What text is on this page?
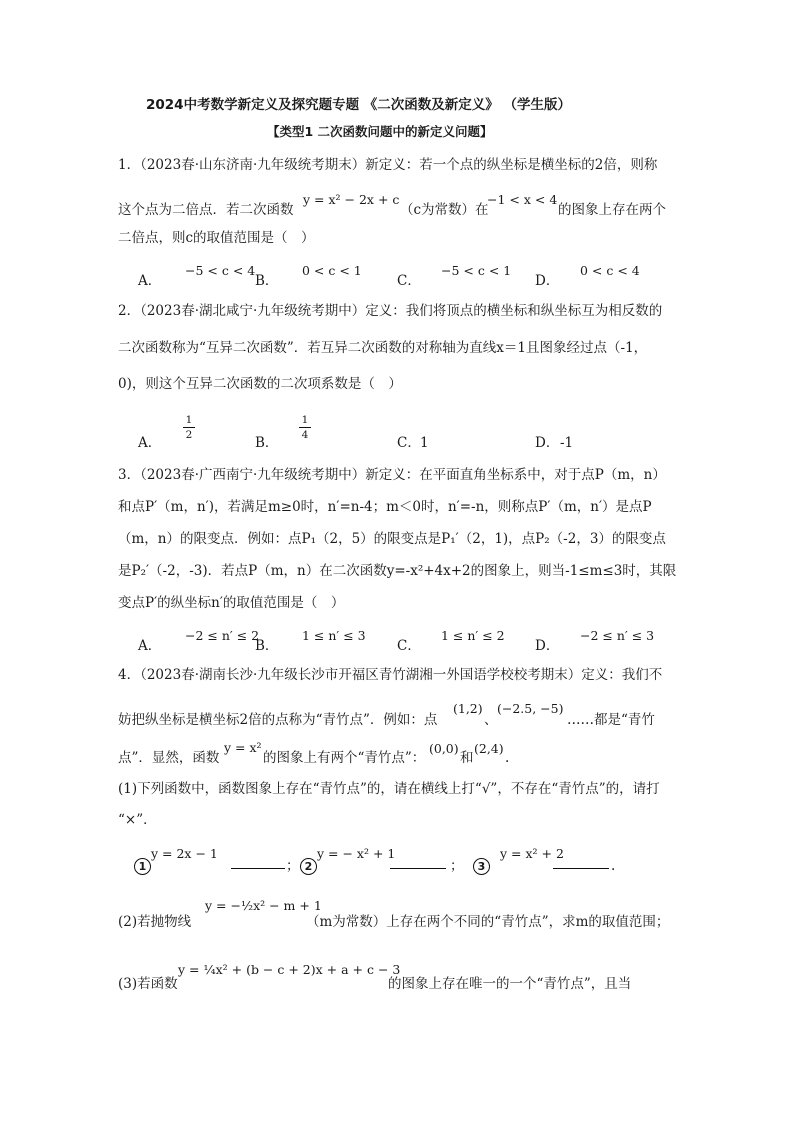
2024中考数学新定义及探究题专题 《二次函数及新定义》 （学生版）
【类型1 二次函数问题中的新定义问题】
1．（2023春·山东济南·九年级统考期末）新定义：若一个点的纵坐标是横坐标的2倍，则称
这个点为二倍点．若二次函数
y = x² − 2x + c
（c为常数）在
−1 < x < 4
的图象上存在两个
二倍点，则c的取值范围是（　）
A．
−5 < c < 4
B．
0 < c < 1
C．
−5 < c < 1
D．
0 < c < 4
2．（2023春·湖北咸宁·九年级统考期中）定义：我们将顶点的横坐标和纵坐标互为相反数的
二次函数称为“互异二次函数”．若互异二次函数的对称轴为直线x＝1且图象经过点（-1，
0)，则这个互异二次函数的二次项系数是（　）
A．
1
2	B．
1
4	C． 1	D． -1
3．（2023春·广西南宁·九年级统考期中）新定义：在平面直角坐标系中，对于点P（m，n）
和点P′（m，n′)，若满足m≥0时，n′=n-4；m＜0时，n′=-n，则称点P′（m，n′）是点P
（m，n）的限变点．例如：点P₁（2，5）的限变点是P₁′（2，1)，点P₂（-2，3）的限变点
是P₂′（-2，-3)．若点P（m，n）在二次函数y=-x²+4x+2的图象上，则当-1≤m≤3时，其限
变点P′的纵坐标n′的取值范围是（　）
A．
−2 ≤ n′ ≤ 2
B．
1 ≤ n′ ≤ 3
C．
1 ≤ n′ ≤ 2
D．
−2 ≤ n′ ≤ 3
4．（2023春·湖南长沙·九年级长沙市开福区青竹湖湘一外国语学校校考期末）定义：我们不
妨把纵坐标是横坐标2倍的点称为“青竹点”．例如：点
(1,2)
、
(−2.5, −5)
……都是“青竹
点”．显然，函数
y = x²
的图象上有两个“青竹点”：
(0,0)
和
(2,4)
.
(1)下列函数中，函数图象上存在“青竹点”的，请在横线上打“√”，不存在“青竹点”的，请打
“×”．
1
y = 2x − 1
； 2
y = − x² + 1
；	3
y = x² + 2
.
(2)若抛物线
y = −½x² − m + 1
（m为常数）上存在两个不同的“青竹点”，求m的取值范围；
(3)若函数
y = ¼x² + (b − c + 2)x + a + c − 3
的图象上存在唯一的一个“青竹点”，且当
